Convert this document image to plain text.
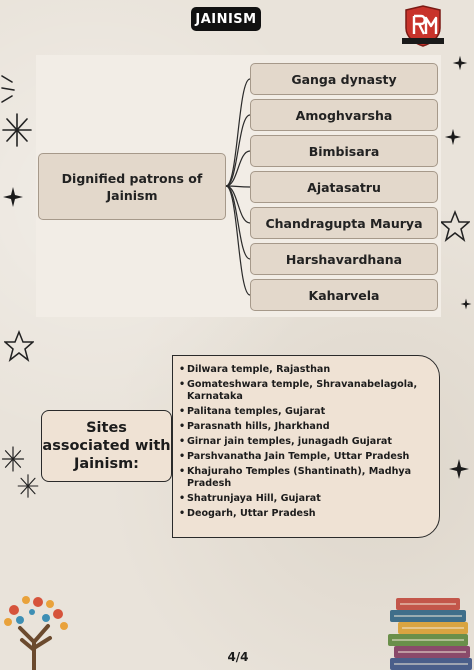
JAINISM
Dignified patrons of Jainism
Ganga dynasty
Amoghvarsha
Bimbisara
Ajatasatru
Chandragupta Maurya
Harshavardhana
Kaharvela
Sites associated with Jainism:
• Dilwara temple, Rajasthan
• Gomateshwara temple, Shravanabelagola, Karnataka
• Palitana temples, Gujarat
• Parasnath hills, Jharkhand
• Girnar jain temples, junagadh Gujarat
• Parshvanatha Jain Temple, Uttar Pradesh
• Khajuraho Temples (Shantinath), Madhya Pradesh
• Shatrunjaya Hill, Gujarat
• Deogarh, Uttar Pradesh
4/4
